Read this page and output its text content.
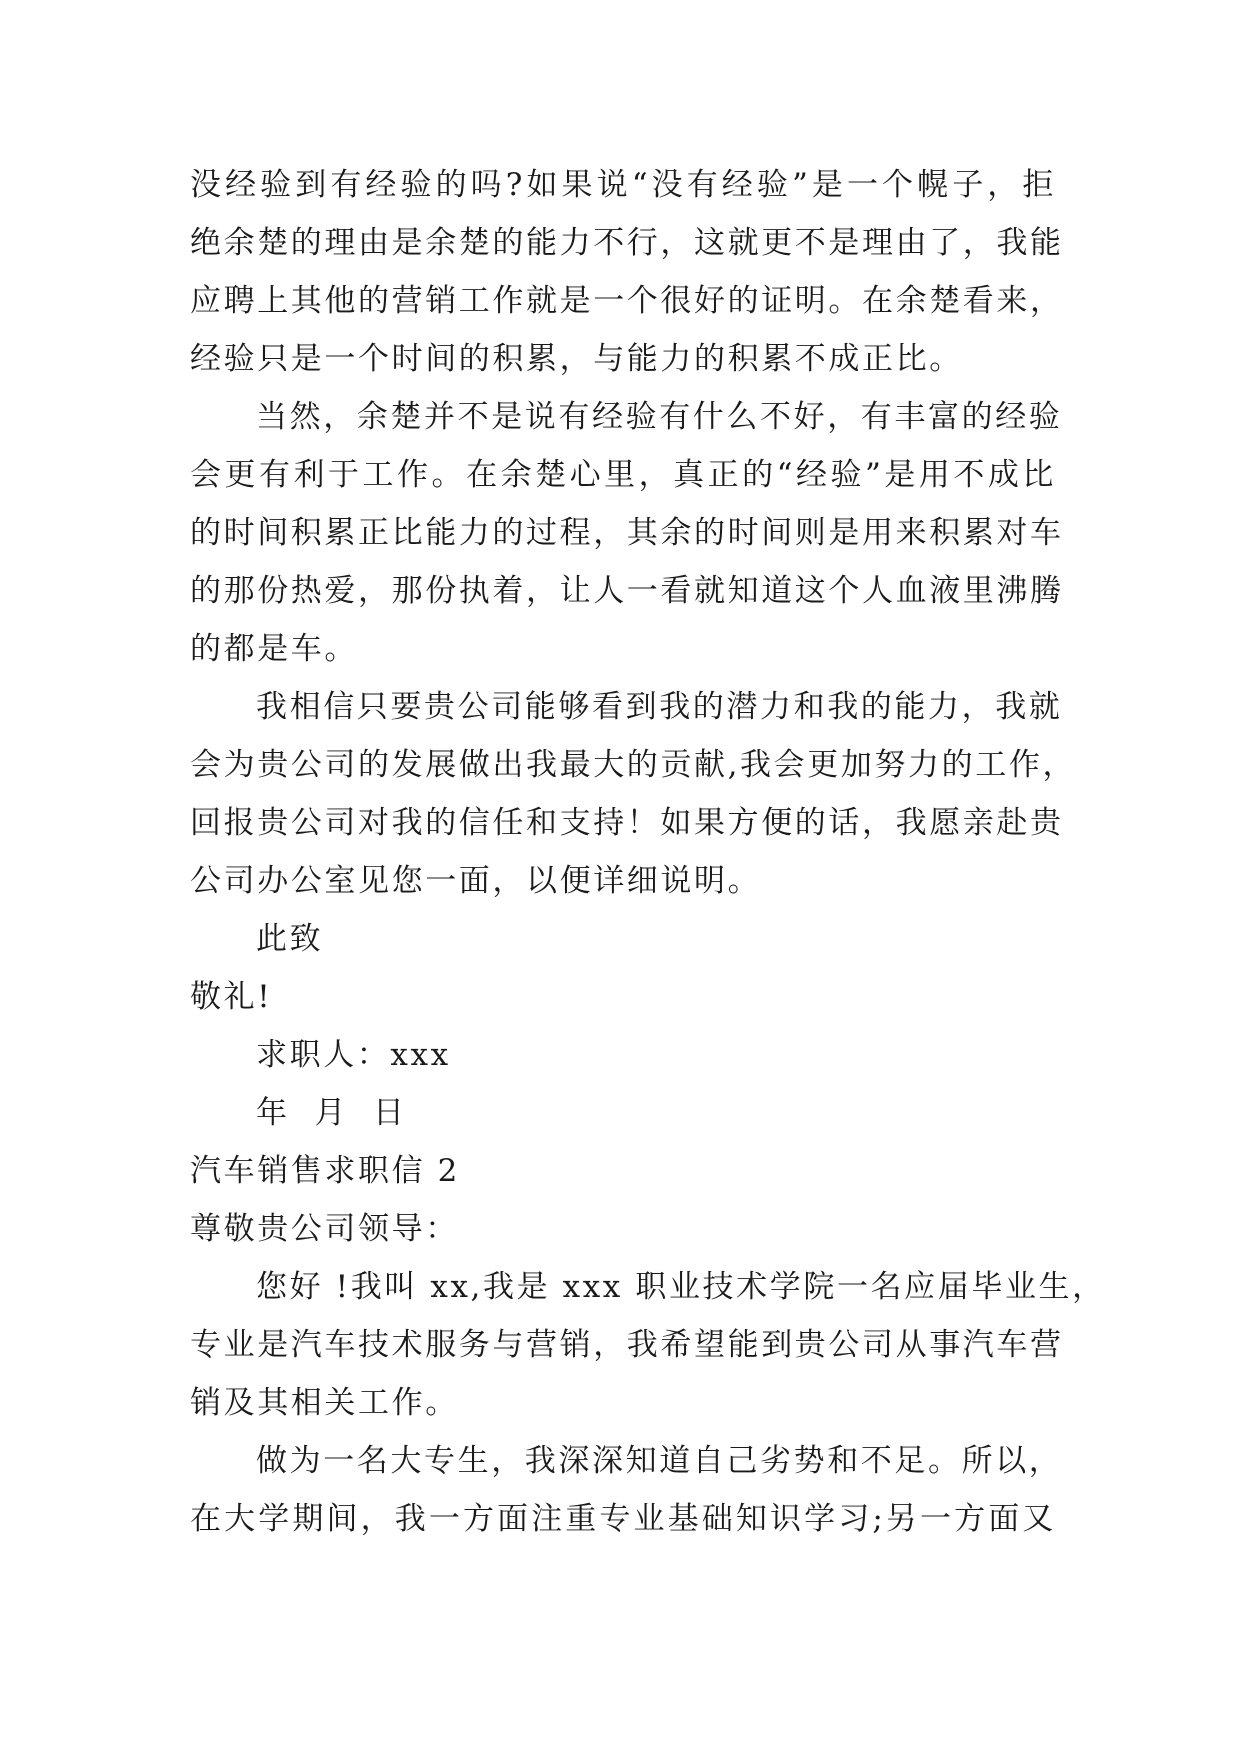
没经验到有经验的吗?如果说“没有经验”是一个幌子，拒
绝余楚的理由是余楚的能力不行，这就更不是理由了，我能
应聘上其他的营销工作就是一个很好的证明。在余楚看来，
经验只是一个时间的积累，与能力的积累不成正比。
当然，余楚并不是说有经验有什么不好，有丰富的经验
会更有利于工作。在余楚心里，真正的“经验”是用不成比
的时间积累正比能力的过程，其余的时间则是用来积累对车
的那份热爱，那份执着，让人一看就知道这个人血液里沸腾
的都是车。
我相信只要贵公司能够看到我的潜力和我的能力，我就
会为贵公司的发展做出我最大的贡献,我会更加努力的工作，
回报贵公司对我的信任和支持！如果方便的话，我愿亲赴贵
公司办公室见您一面，以便详细说明。
此致
敬礼!
求职人：xxx
年  月  日
汽车销售求职信 2
尊敬贵公司领导：
您好 !我叫 xx,我是 xxx 职业技术学院一名应届毕业生，
专业是汽车技术服务与营销，我希望能到贵公司从事汽车营
销及其相关工作。
做为一名大专生，我深深知道自己劣势和不足。所以，
在大学期间，我一方面注重专业基础知识学习;另一方面又
